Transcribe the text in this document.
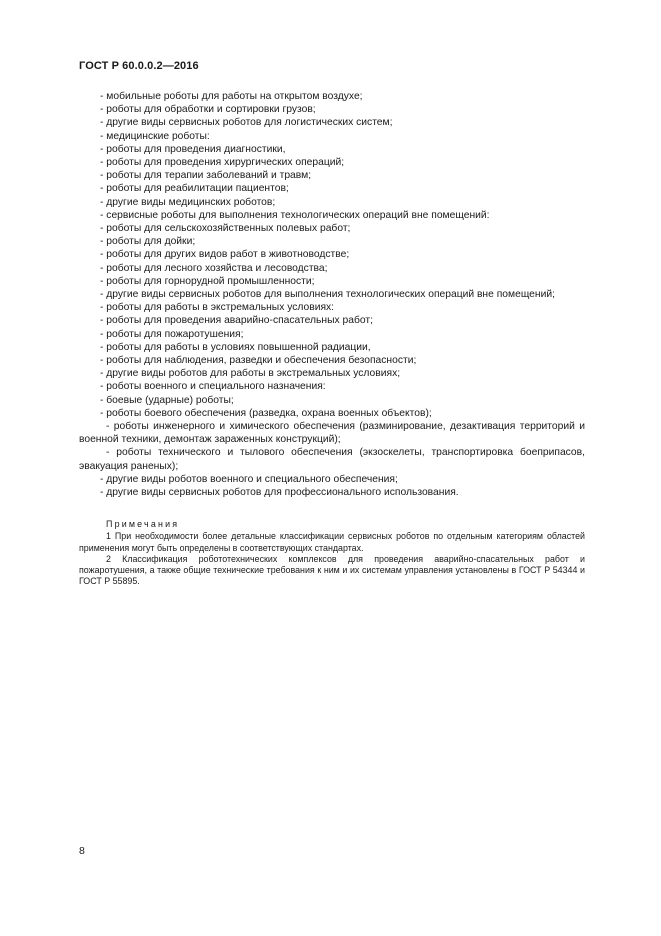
ГОСТ Р 60.0.0.2—2016
- мобильные роботы для работы на открытом воздухе;
- роботы для обработки и сортировки грузов;
- другие виды сервисных роботов для логистических систем;
- медицинские роботы:
- роботы для проведения диагностики,
- роботы для проведения хирургических операций;
- роботы для терапии заболеваний и травм;
- роботы для реабилитации пациентов;
- другие виды медицинских роботов;
- сервисные роботы для выполнения технологических операций вне помещений:
- роботы для сельскохозяйственных полевых работ;
- роботы для дойки;
- роботы для других видов работ в животноводстве;
- роботы для лесного хозяйства и лесоводства;
- роботы для горнорудной промышленности;
- другие виды сервисных роботов для выполнения технологических операций вне помещений;
- роботы для работы в экстремальных условиях:
- роботы для проведения аварийно-спасательных работ;
- роботы для пожаротушения;
- роботы для работы в условиях повышенной радиации,
- роботы для наблюдения, разведки и обеспечения безопасности;
- другие виды роботов для работы в экстремальных условиях;
- роботы военного и специального назначения:
- боевые (ударные) роботы;
- роботы боевого обеспечения (разведка, охрана военных объектов);
- роботы инженерного и химического обеспечения (разминирование, дезактивация территорий и военной техники, демонтаж зараженных конструкций);
- роботы технического и тылового обеспечения (экзоскелеты, транспортировка боеприпасов, эвакуация раненых);
- другие виды роботов военного и специального обеспечения;
- другие виды сервисных роботов для профессионального использования.
Примечания
1 При необходимости более детальные классификации сервисных роботов по отдельным категориям областей применения могут быть определены в соответствующих стандартах.
2 Классификация робототехнических комплексов для проведения аварийно-спасательных работ и пожаротушения, а также общие технические требования к ним и их системам управления установлены в ГОСТ Р 54344 и ГОСТ Р 55895.
8
